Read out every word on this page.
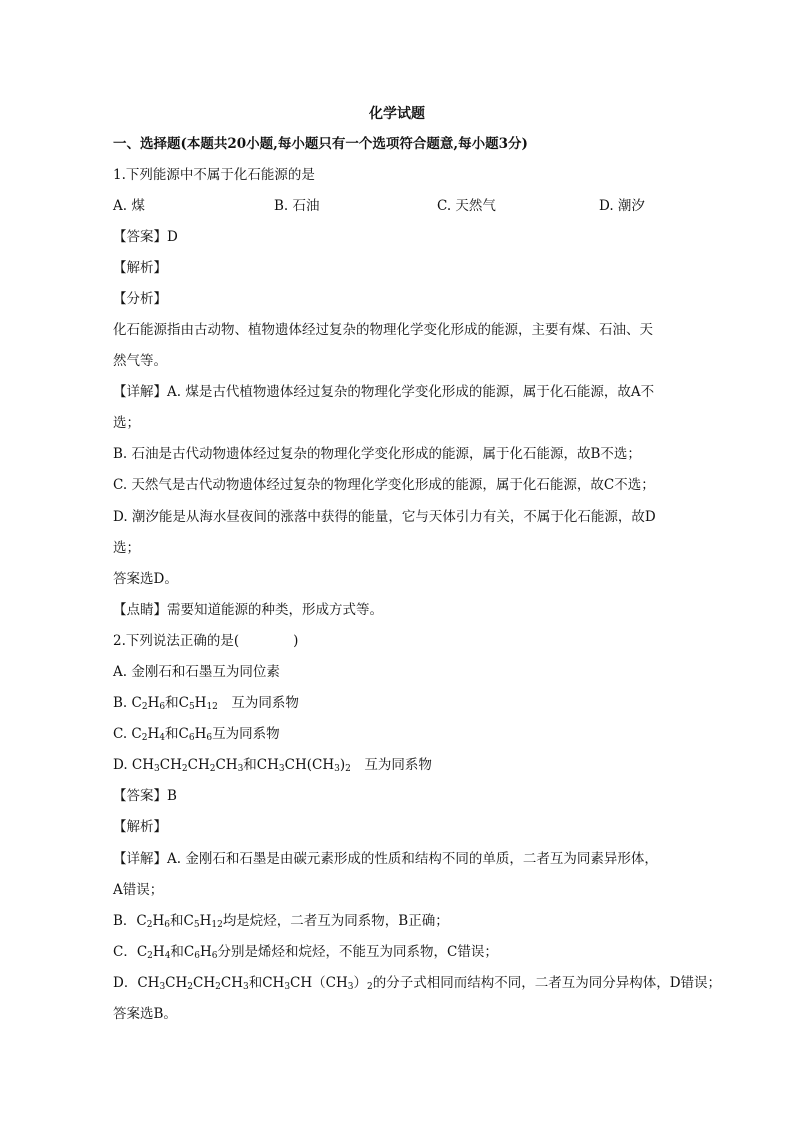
化学试题
一、选择题(本题共20小题,每小题只有一个选项符合题意,每小题3分)
1.下列能源中不属于化石能源的是
A. 煤	B. 石油	C. 天然气	D. 潮汐
【答案】D
【解析】
【分析】
化石能源指由古动物、植物遗体经过复杂的物理化学变化形成的能源，主要有煤、石油、天
然气等。
【详解】A. 煤是古代植物遗体经过复杂的物理化学变化形成的能源，属于化石能源，故A不
选；
B. 石油是古代动物遗体经过复杂的物理化学变化形成的能源，属于化石能源，故B不选；
C. 天然气是古代动物遗体经过复杂的物理化学变化形成的能源，属于化石能源，故C不选；
D. 潮汐能是从海水昼夜间的涨落中获得的能量，它与天体引力有关，不属于化石能源，故D
选；
答案选D。
【点睛】需要知道能源的种类，形成方式等。
2.下列说法正确的是(　　　　)
A. 金刚石和石墨互为同位素
B. $C_2H_6$和$C_5H_{12}$　互为同系物
C. $C_2H_4$和$C_6H_6$互为同系物
D. $CH_3CH_2CH_2CH_3$和$CH_3CH(CH_3)_2$　互为同系物
【答案】B
【解析】
【详解】A. 金刚石和石墨是由碳元素形成的性质和结构不同的单质，二者互为同素异形体，
A错误；
B．$C_2H_6$和$C_5H_{12}$均是烷烃，二者互为同系物，B正确；
C．$C_2H_4$和$C_6H_6$分别是烯烃和烷烃，不能互为同系物，C错误；
D．$CH_3CH_2CH_2CH_3$和$CH_3CH(CH_3)_2$的分子式相同而结构不同，二者互为同分异构体，D错误；
答案选B。
